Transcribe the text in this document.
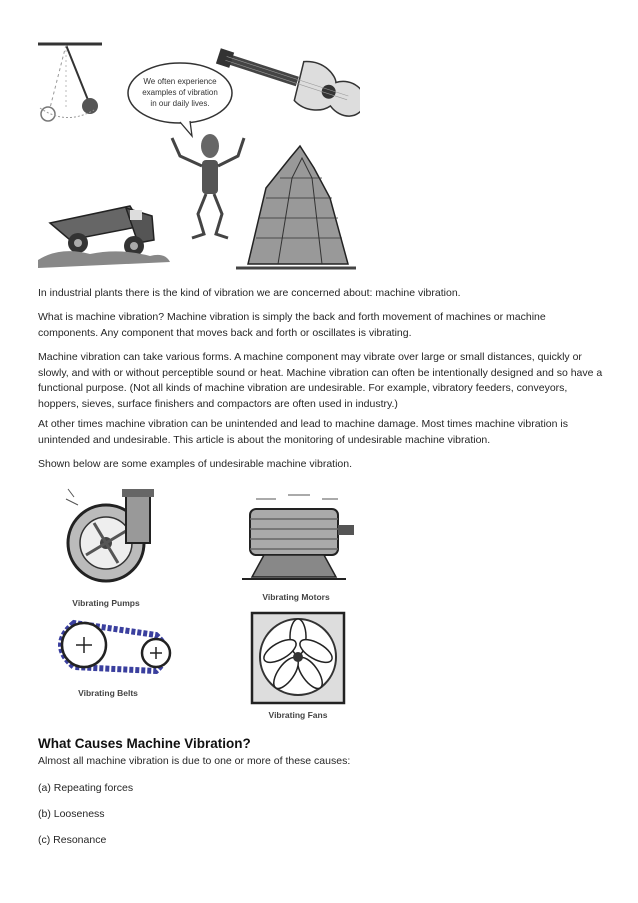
We often experience
examples of vibration
in our daily lives.

In industrial plants there is the kind of vibration we are concerned about: machine vibration.

What is machine vibration? Machine vibration is simply the back and forth movement of machines or machine components. Any component that moves back and forth or oscillates is vibrating.

Machine vibration can take various forms. A machine component may vibrate over large or small distances, quickly or slowly, and with or without perceptible sound or heat. Machine vibration can often be intentionally designed and so have a functional purpose. (Not all kinds of machine vibration are undesirable. For example, vibratory feeders, conveyors, hoppers, sieves, surface finishers and compactors are often used in industry.)

At other times machine vibration can be unintended and lead to machine damage. Most times machine vibration is unintended and undesirable. This article is about the monitoring of undesirable machine vibration.

Shown below are some examples of undesirable machine vibration.

Vibrating Pumps
Vibrating Motors
Vibrating Belts
Vibrating Fans
What Causes Machine Vibration?

Almost all machine vibration is due to one or more of these causes:

(a) Repeating forces

(b) Looseness

(c) Resonance
